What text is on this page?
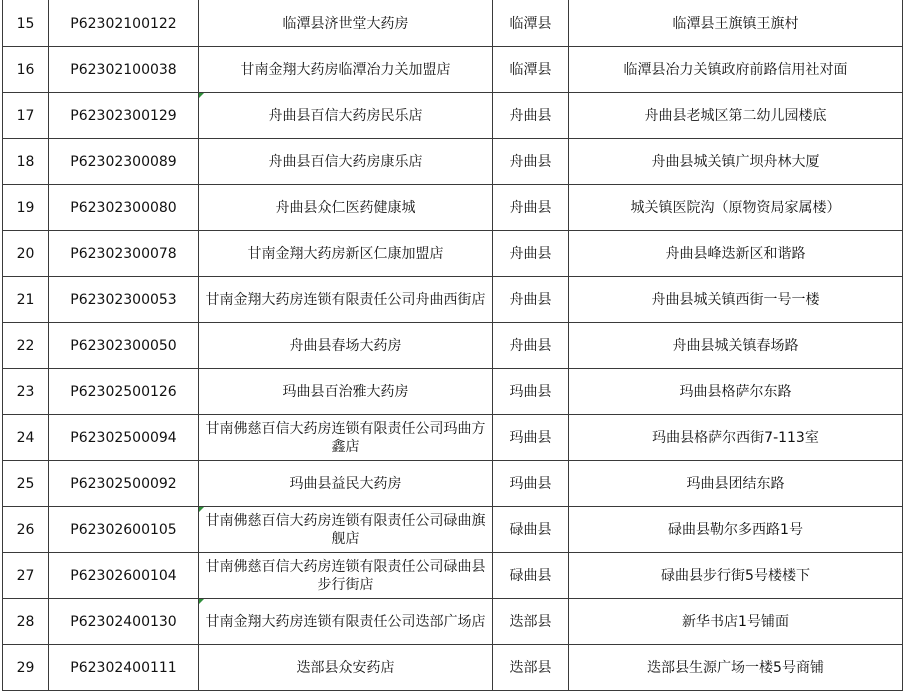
15	P62302100122	临潭县济世堂大药房	临潭县	临潭县王旗镇王旗村
16	P62302100038	甘南金翔大药房临潭冶力关加盟店	临潭县	临潭县冶力关镇政府前路信用社对面
17	P62302300129	舟曲县百信大药房民乐店	舟曲县	舟曲县老城区第二幼儿园楼底
18	P62302300089	舟曲县百信大药房康乐店	舟曲县	舟曲县城关镇广坝舟林大厦
19	P62302300080	舟曲县众仁医药健康城	舟曲县	城关镇医院沟（原物资局家属楼）
20	P62302300078	甘南金翔大药房新区仁康加盟店	舟曲县	舟曲县峰迭新区和谐路
21	P62302300053	甘南金翔大药房连锁有限责任公司舟曲西街店	舟曲县	舟曲县城关镇西街一号一楼
22	P62302300050	舟曲县春场大药房	舟曲县	舟曲县城关镇春场路
23	P62302500126	玛曲县百治雅大药房	玛曲县	玛曲县格萨尔东路
24	P62302500094	甘南佛慈百信大药房连锁有限责任公司玛曲方鑫店	玛曲县	玛曲县格萨尔西街7-113室
25	P62302500092	玛曲县益民大药房	玛曲县	玛曲县团结东路
26	P62302600105	甘南佛慈百信大药房连锁有限责任公司碌曲旗舰店	碌曲县	碌曲县勒尔多西路1号
27	P62302600104	甘南佛慈百信大药房连锁有限责任公司碌曲县步行街店	碌曲县	碌曲县步行街5号楼楼下
28	P62302400130	甘南金翔大药房连锁有限责任公司迭部广场店	迭部县	新华书店1号铺面
29	P62302400111	迭部县众安药店	迭部县	迭部县生源广场一楼5号商铺
